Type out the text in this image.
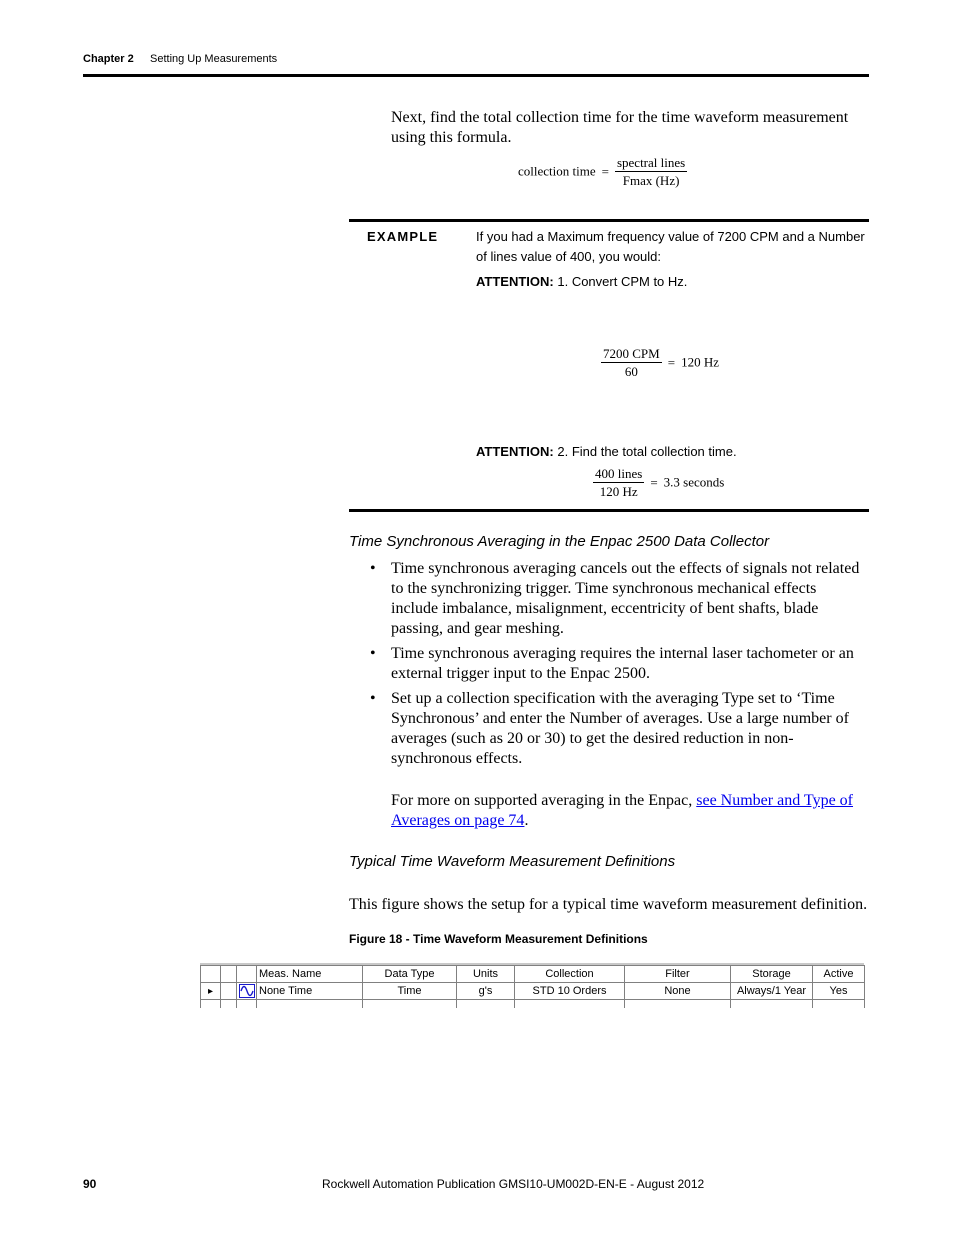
Chapter 2 Setting Up Measurements
Next, find the total collection time for the time waveform measurement using this formula.
collection time = $\frac{\text{spectral lines}}{Fmax (Hz)}$
EXAMPLE	If you had a Maximum frequency value of 7200 CPM and a Number of lines value of 400, you would:
ATTENTION: 1. Convert CPM to Hz.
$\frac{\text{7200 CPM}}{60} = 120$ Hz
ATTENTION: 2. Find the total collection time.
$\frac{\text{400 lines}}{120 Hz} = 3.3$ seconds
Time Synchronous Averaging in the Enpac 2500 Data Collector
• Time synchronous averaging cancels out the effects of signals not related to the synchronizing trigger. Time synchronous mechanical effects include imbalance, misalignment, eccentricity of bent shafts, blade passing, and gear meshing.
• Time synchronous averaging requires the internal laser tachometer or an external trigger input to the Enpac 2500.
• Set up a collection specification with the averaging Type set to ‘Time Synchronous’ and enter the Number of averages. Use a large number of averages (such as 20 or 30) to get the desired reduction in non-synchronous effects.
For more on supported averaging in the Enpac, see Number and Type of Averages on page 74.
Typical Time Waveform Measurement Definitions
This figure shows the setup for a typical time waveform measurement definition.
Figure 18 - Time Waveform Measurement Definitions
			Meas. Name	Data Type	Units	Collection	Filter	Storage	Active
▸			None Time	Time	g's	STD 10 Orders	None	Always/1 Year	Yes

90	Rockwell Automation Publication GMSI10-UM002D-EN-E - August 2012
